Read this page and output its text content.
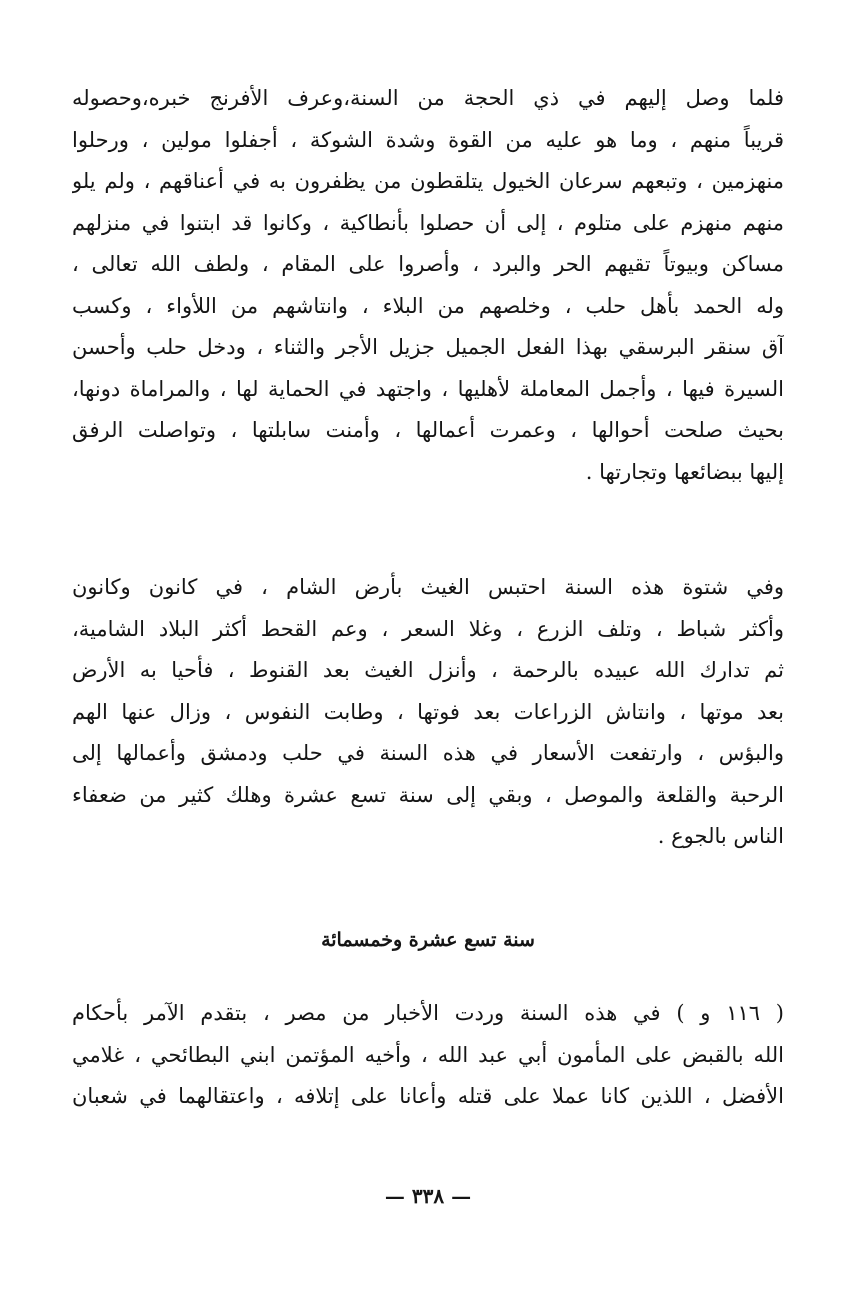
فلما وصل إليهم في ذي الحجة من السنة،وعرف الأفرنج خبره،وحصوله
قريباً منهم ، وما هو عليه من القوة وشدة الشوكة ، أجفلوا مولين ، ورحلوا
منهزمين ، وتبعهم سرعان الخيول يتلقطون من يظفرون به في أعناقهم ، ولم يلو
منهم منهزم على متلوم ، إلى أن حصلوا بأنطاكية ، وكانوا قد ابتنوا في منزلهم
مساكن وبيوتاً تقيهم الحر والبرد ، وأصروا على المقام ، ولطف الله تعالى ،
وله الحمد بأهل حلب ، وخلصهم من البلاء ، وانتاشهم من اللأواء ، وكسب
آق سنقر البرسقي بهذا الفعل الجميل جزيل الأجر والثناء ، ودخل حلب وأحسن
السيرة فيها ، وأجمل المعاملة لأهليها ، واجتهد في الحماية لها ، والمراماة دونها،
بحيث صلحت أحوالها ، وعمرت أعمالها ، وأمنت سابلتها ، وتواصلت الرفق
إليها ببضائعها وتجارتها .
وفي شتوة هذه السنة احتبس الغيث بأرض الشام ، في كانون وكانون
وأكثر شباط ، وتلف الزرع ، وغلا السعر ، وعم القحط أكثر البلاد الشامية،
ثم تدارك الله عبيده بالرحمة ، وأنزل الغيث بعد القنوط ، فأحيا به الأرض
بعد موتها ، وانتاش الزراعات بعد فوتها ، وطابت النفوس ، وزال عنها الهم
والبؤس ، وارتفعت الأسعار في هذه السنة في حلب ودمشق وأعمالها إلى
الرحبة والقلعة والموصل ، وبقي إلى سنة تسع عشرة وهلك كثير من ضعفاء
الناس بالجوع .
سنة تسع عشرة وخمسمائة
( ١١٦ و ) في هذه السنة وردت الأخبار من مصر ، بتقدم الآمر بأحكام
الله بالقبض على المأمون أبي عبد الله ، وأخيه المؤتمن ابني البطائحي ، غلامي
الأفضل ، اللذين كانا عملا على قتله وأعانا على إتلافه ، واعتقالهما في شعبان
— ٣٣٨ —
